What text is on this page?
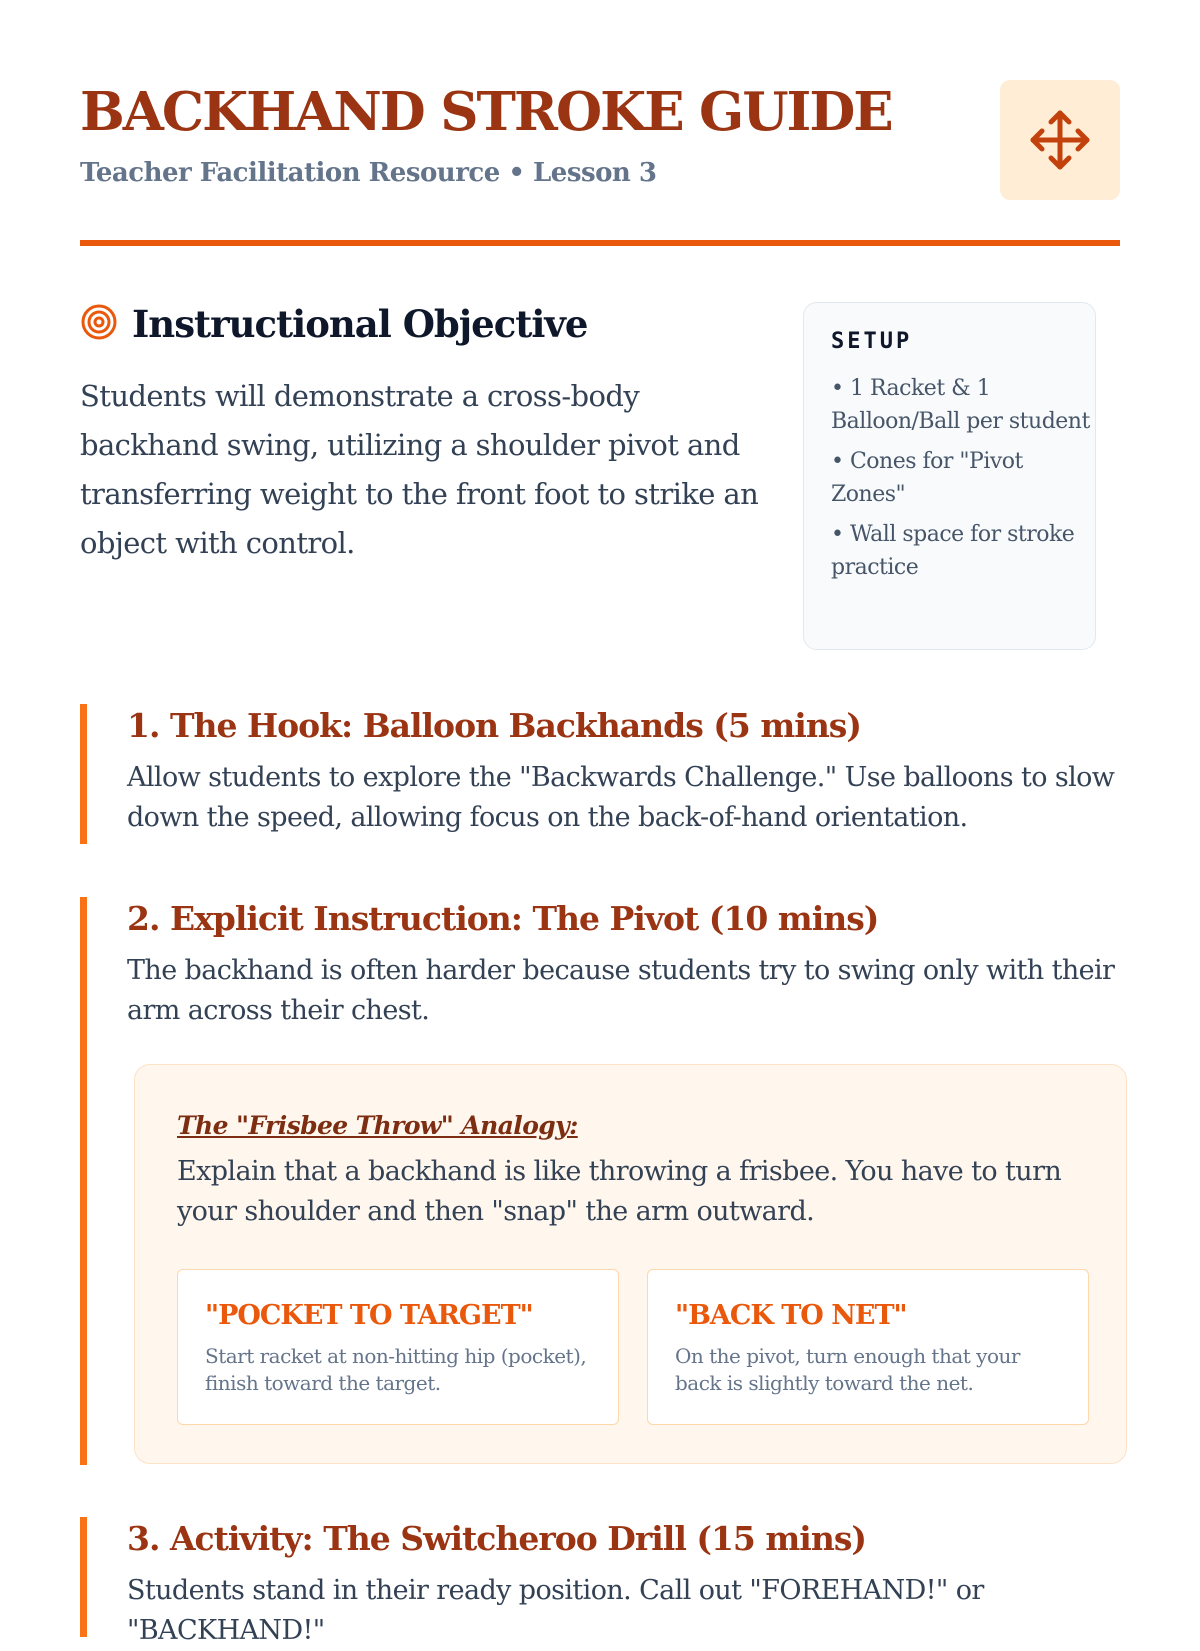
BACKHAND STROKE GUIDE

Teacher Facilitation Resource • Lesson 3

Instructional Objective

Students will demonstrate a cross-body backhand swing, utilizing a shoulder pivot and transferring weight to the front foot to strike an object with control.

SETUP
• 1 Racket & 1 Balloon/Ball per student
• Cones for "Pivot Zones"
• Wall space for stroke practice
1. The Hook: Balloon Backhands (5 mins)

Allow students to explore the "Backwards Challenge." Use balloons to slow down the speed, allowing focus on the back-of-hand orientation.

2. Explicit Instruction: The Pivot (10 mins)

The backhand is often harder because students try to swing only with their arm across their chest.

The "Frisbee Throw" Analogy:

Explain that a backhand is like throwing a frisbee. You have to turn your shoulder and then "snap" the arm outward.

"POCKET TO TARGET"

Start racket at non-hitting hip (pocket), finish toward the target.

"BACK TO NET"

On the pivot, turn enough that your back is slightly toward the net.

3. Activity: The Switcheroo Drill (15 mins)

Students stand in their ready position. Call out "FOREHAND!" or "BACKHAND!"
